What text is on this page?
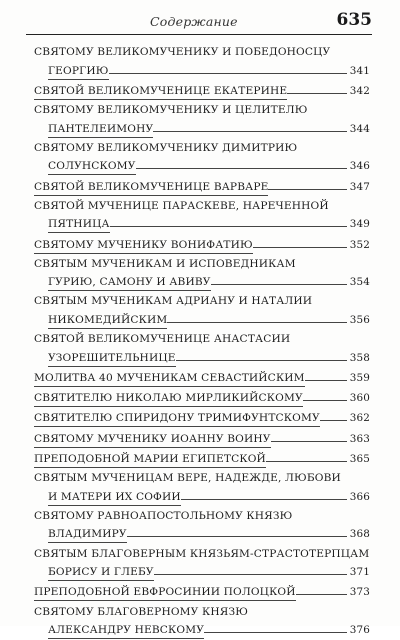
Содержание	635
СВЯТОМУ ВЕЛИКОМУЧЕНИКУ И ПОБЕДОНОСЦУ
ГЕОРГИЮ	341
СВЯТОЙ ВЕЛИКОМУЧЕНИЦЕ ЕКАТЕРИНЕ	342
СВЯТОМУ ВЕЛИКОМУЧЕНИКУ И ЦЕЛИТЕЛЮ
ПАНТЕЛЕИМОНУ	344
СВЯТОМУ ВЕЛИКОМУЧЕНИКУ ДИМИТРИЮ
СОЛУНСКОМУ	346
СВЯТОЙ ВЕЛИКОМУЧЕНИЦЕ ВАРВАРЕ	347
СВЯТОЙ МУЧЕНИЦЕ ПАРАСКЕВЕ, НАРЕЧЕННОЙ
ПЯТНИЦА	349
СВЯТОМУ МУЧЕНИКУ ВОНИФАТИЮ	352
СВЯТЫМ МУЧЕНИКАМ И ИСПОВЕДНИКАМ
ГУРИЮ, САМОНУ И АВИВУ	354
СВЯТЫМ МУЧЕНИКАМ АДРИАНУ И НАТАЛИИ
НИКОМЕДИЙСКИМ	356
СВЯТОЙ ВЕЛИКОМУЧЕНИЦЕ АНАСТАСИИ
УЗОРЕШИТЕЛЬНИЦЕ	358
МОЛИТВА 40 МУЧЕНИКАМ СЕВАСТИЙСКИМ	359
СВЯТИТЕЛЮ НИКОЛАЮ МИРЛИКИЙСКОМУ	360
СВЯТИТЕЛЮ СПИРИДОНУ ТРИМИФУНТСКОМУ	362
СВЯТОМУ МУЧЕНИКУ ИОАННУ ВОИНУ	363
ПРЕПОДОБНОЙ МАРИИ ЕГИПЕТСКОЙ	365
СВЯТЫМ МУЧЕНИЦАМ ВЕРЕ, НАДЕЖДЕ, ЛЮБОВИ
И МАТЕРИ ИХ СОФИИ	366
СВЯТОМУ РАВНОАПОСТОЛЬНОМУ КНЯЗЮ
ВЛАДИМИРУ	368
СВЯТЫМ БЛАГОВЕРНЫМ КНЯЗЬЯМ-СТРАСТОТЕРПЦАМ
БОРИСУ И ГЛЕБУ	371
ПРЕПОДОБНОЙ ЕВФРОСИНИИ ПОЛОЦКОЙ	373
СВЯТОМУ БЛАГОВЕРНОМУ КНЯЗЮ
АЛЕКСАНДРУ НЕВСКОМУ	376
